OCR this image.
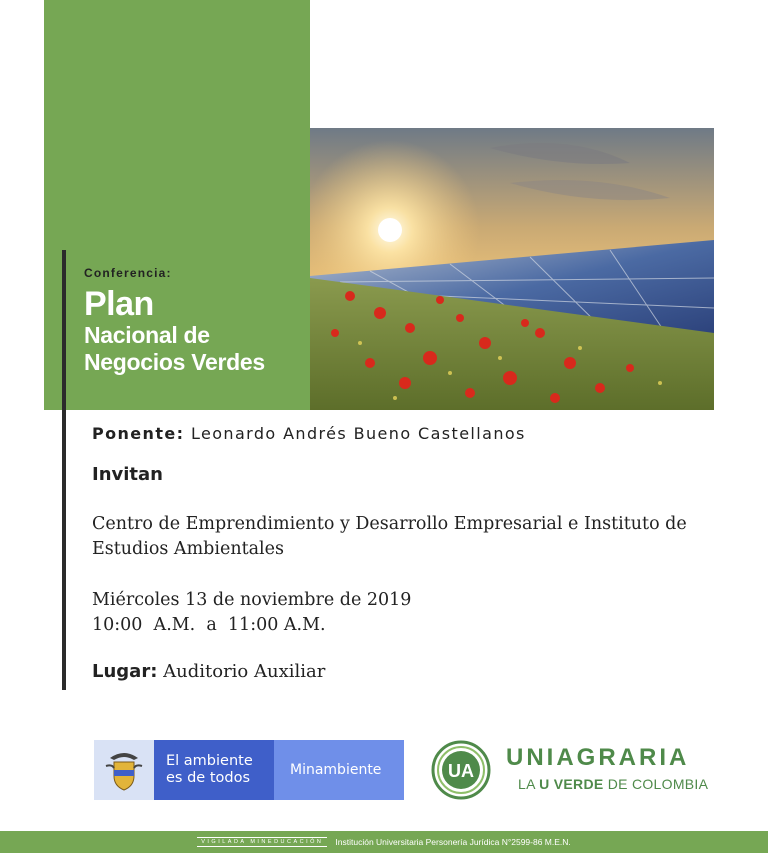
Conferencia:
Plan
Nacional de
Negocios Verdes
Ponente: Leonardo Andrés Bueno Castellanos
Invitan
Centro de Emprendimiento y Desarrollo Empresarial e Instituto de
Estudios Ambientales
Miércoles 13 de noviembre de 2019
10:00  A.M.  a  11:00 A.M.
Lugar: Auditorio Auxiliar
El ambiente
es de todos	Minambiente	UA UNIAGRARIA
LA U VERDE DE COLOMBIA
VIGILADA MINEDUCACIÓN	Institución Universitaria Personería Jurídica N°2599-86 M.E.N.
